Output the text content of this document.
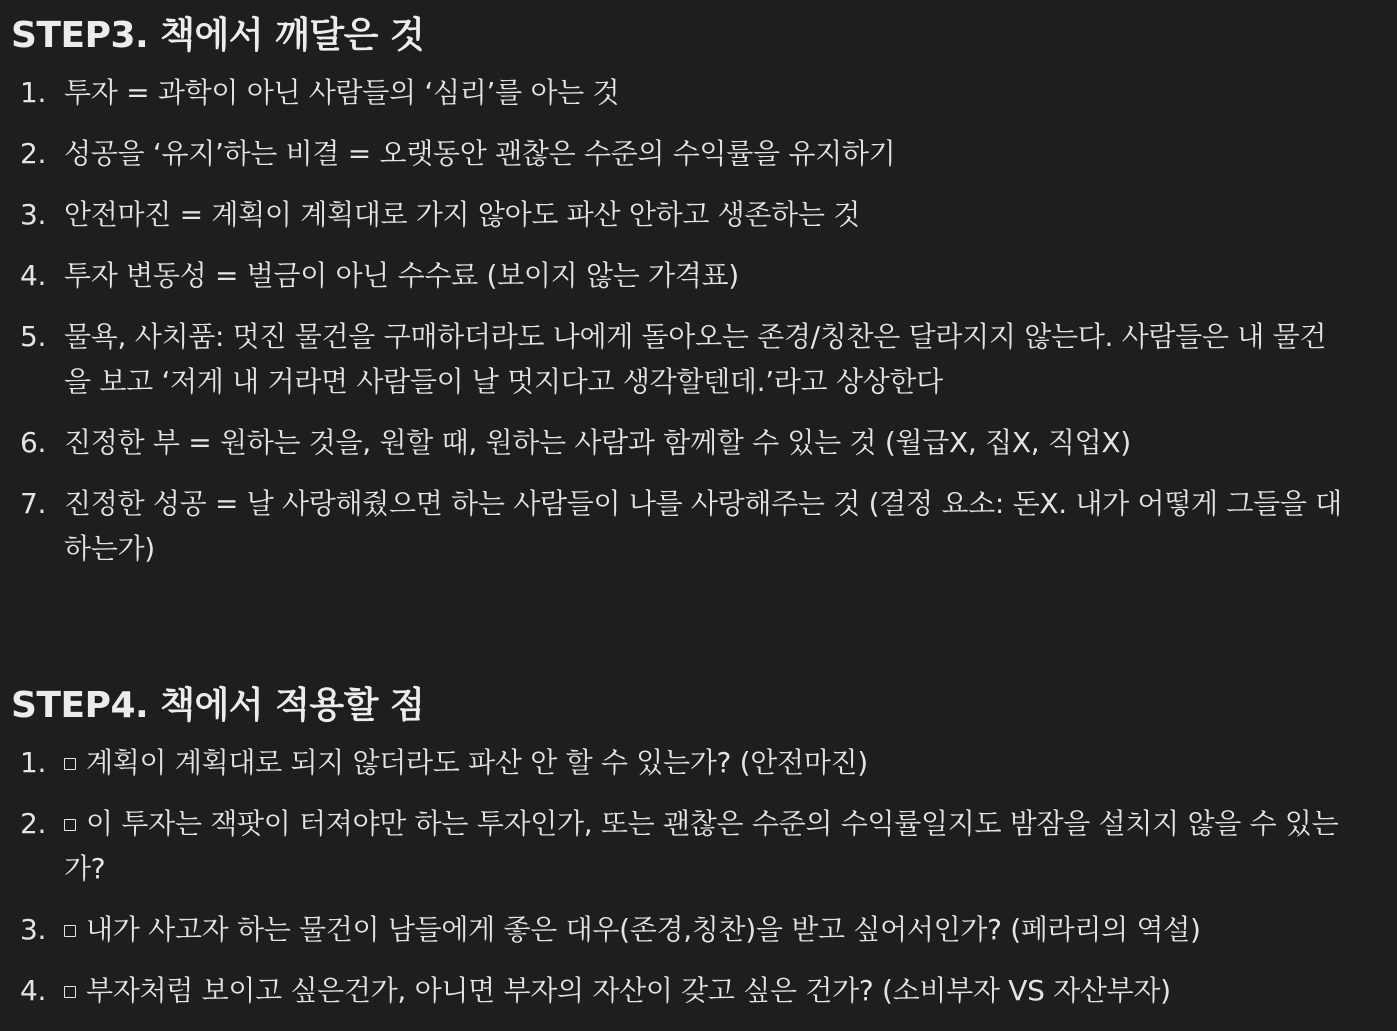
STEP3. 책에서 깨달은 것
1. 투자 = 과학이 아닌 사람들의 ‘심리’를 아는 것
2. 성공을 ‘유지’하는 비결 = 오랫동안 괜찮은 수준의 수익률을 유지하기
3. 안전마진 = 계획이 계획대로 가지 않아도 파산 안하고 생존하는 것
4. 투자 변동성 = 벌금이 아닌 수수료 (보이지 않는 가격표)
5. 물욕, 사치품: 멋진 물건을 구매하더라도 나에게 돌아오는 존경/칭찬은 달라지지 않는다. 사람들은 내 물건을 보고 ‘저게 내 거라면 사람들이 날 멋지다고 생각할텐데.’라고 상상한다
6. 진정한 부 = 원하는 것을, 원할 때, 원하는 사람과 함께할 수 있는 것 (월급X, 집X, 직업X)
7. 진정한 성공 = 날 사랑해줬으면 하는 사람들이 나를 사랑해주는 것 (결정 요소: 돈X. 내가 어떻게 그들을 대하는가)
STEP4. 책에서 적용할 점
1.	계획이 계획대로 되지 않더라도 파산 안 할 수 있는가? (안전마진)
2.	이 투자는 잭팟이 터져야만 하는 투자인가, 또는 괜찮은 수준의 수익률일지도 밤잠을 설치지 않을 수 있는가?
3.	내가 사고자 하는 물건이 남들에게 좋은 대우(존경,칭찬)을 받고 싶어서인가? (페라리의 역설)
4.	부자처럼 보이고 싶은건가, 아니면 부자의 자산이 갖고 싶은 건가? (소비부자 VS 자산부자)
